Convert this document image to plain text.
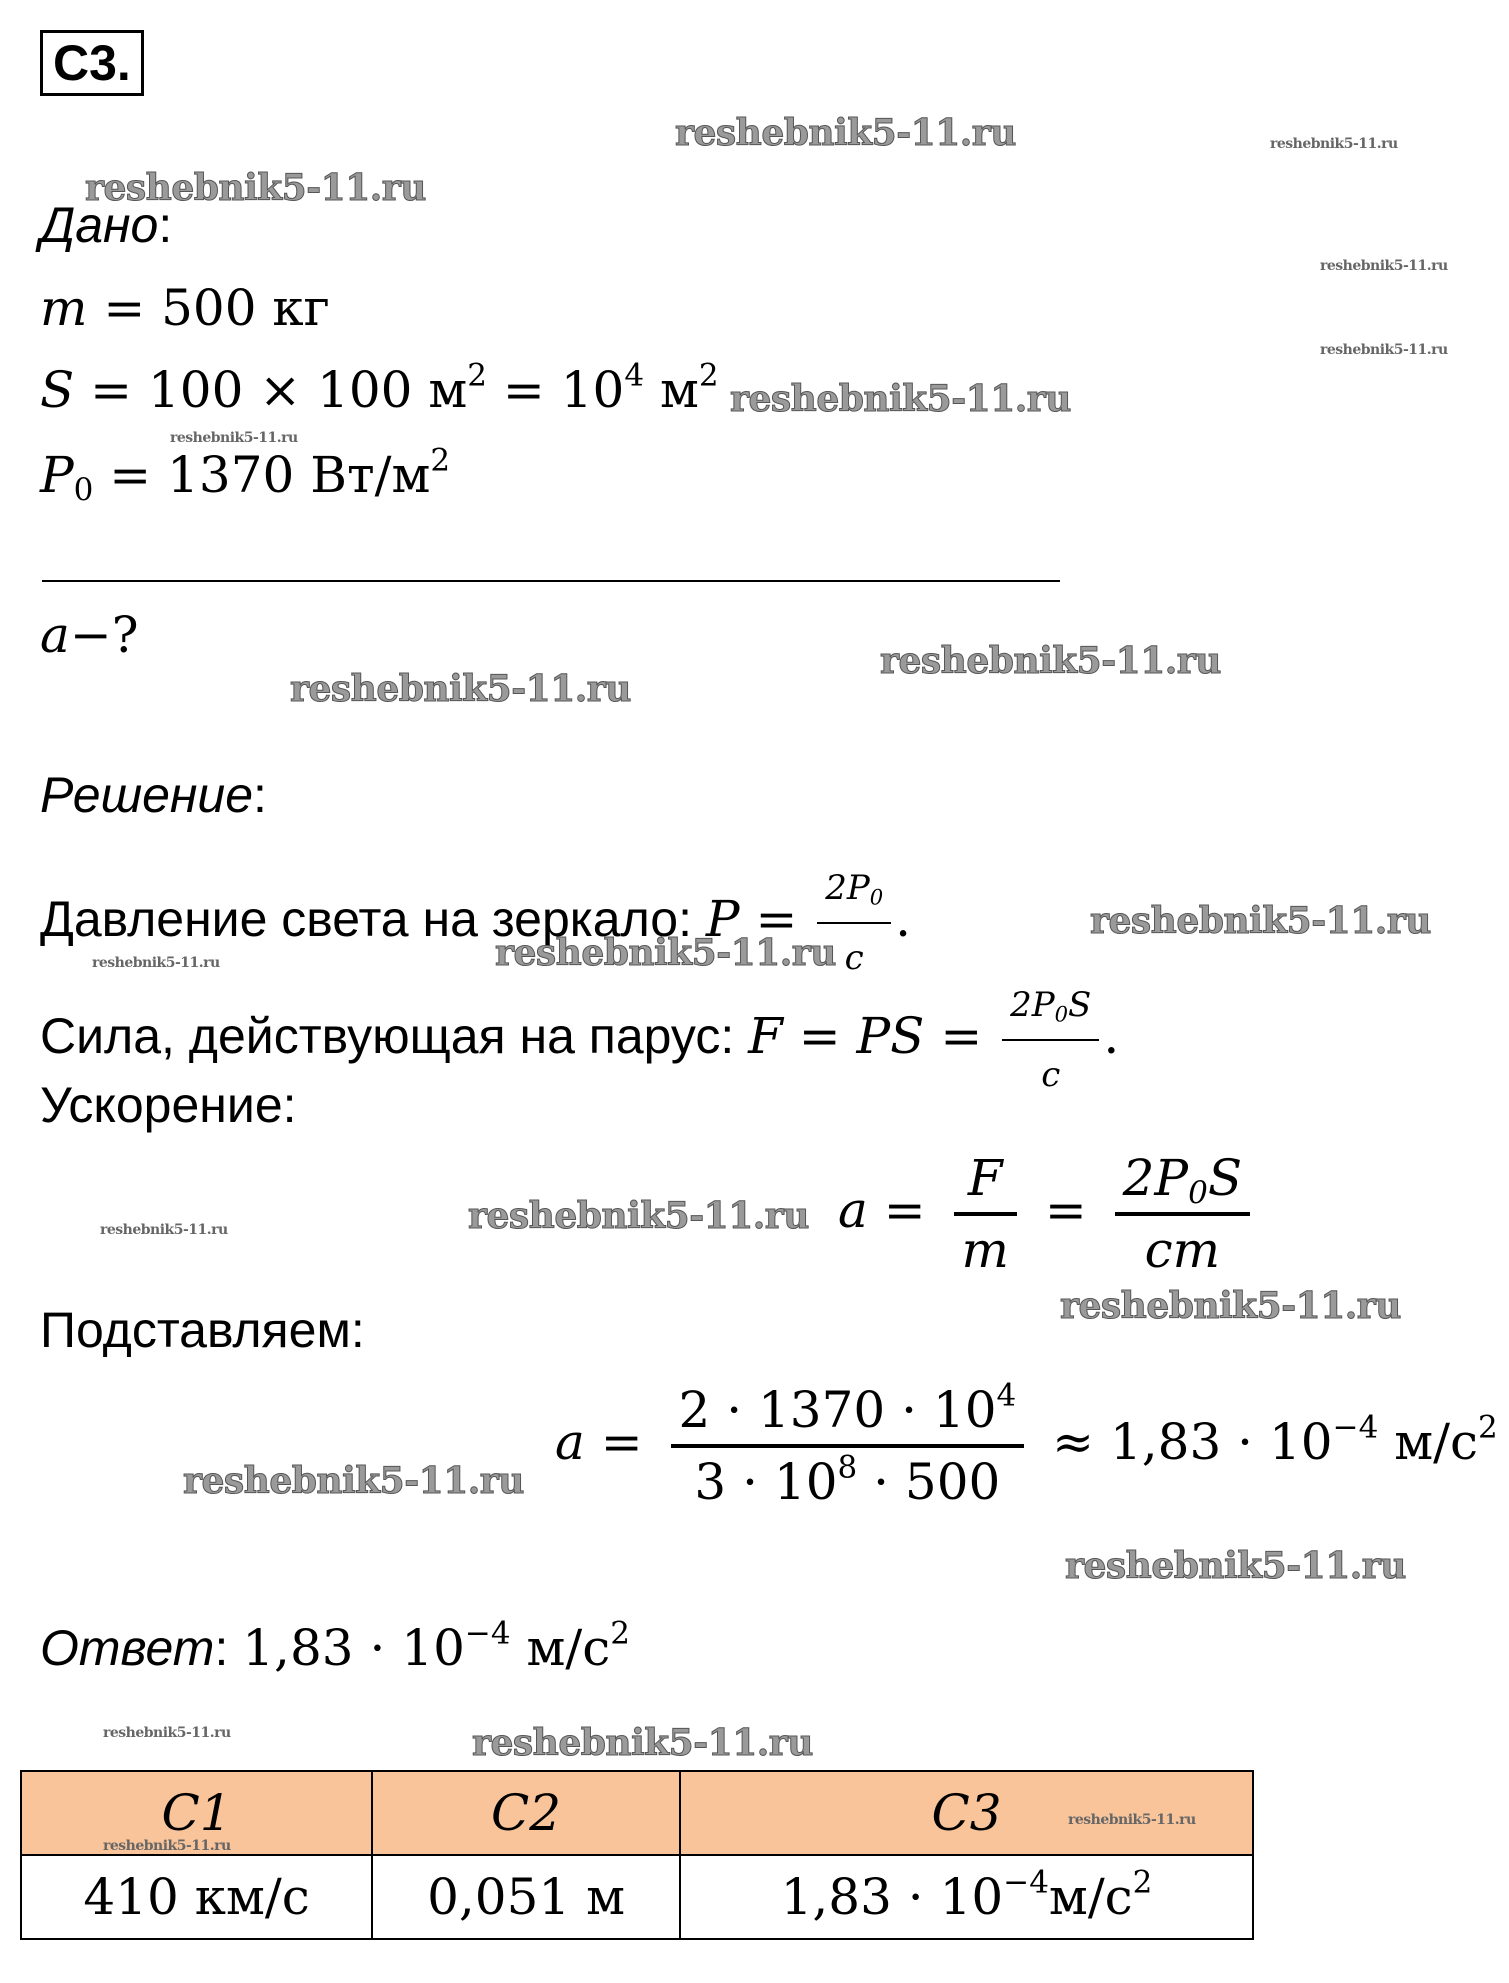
C3.
Дано:
m = 500 кг
S = 100 × 100 $м^2 = 10^4$ $м^2$
$P_0 = 1370$ $Вт/м^2$
a−?
Решение:
Давление света на зеркало: $P = \frac{2P_0}{c}$ .
Сила, действующая на парус: F = PS = $\frac{2P_0S}{c}$ .
Ускорение:
$a = \frac{F}{m} = \frac{2P_0S}{cm}$
Подставляем:
$a = \frac{2 \cdot 1370 \cdot 10^4}{3 \cdot 10^8 \cdot 500} \approx 1,83 \cdot 10^{-4}$ $м/с^2$
Ответ: $1,83 \cdot 10^{-4}$ $м/с^2$
C1	C2	C3
410 км/с	0,051 м	$1,83 \cdot 10^{-4}м/с^2$
reshebnik5-11.ru	reshebnik5-11.ru
reshebnik5-11.ru
reshebnik5-11.ru
reshebnik5-11.ru
reshebnik5-11.ru
reshebnik5-11.ru
reshebnik5-11.ru
reshebnik5-11.ru
reshebnik5-11.ru
reshebnik5-11.ru	reshebnik5-11.ru
reshebnik5-11.ru	reshebnik5-11.ru
reshebnik5-11.ru
reshebnik5-11.ru
reshebnik5-11.ru
reshebnik5-11.ru	reshebnik5-11.ru
reshebnik5-11.ru
reshebnik5-11.ru
